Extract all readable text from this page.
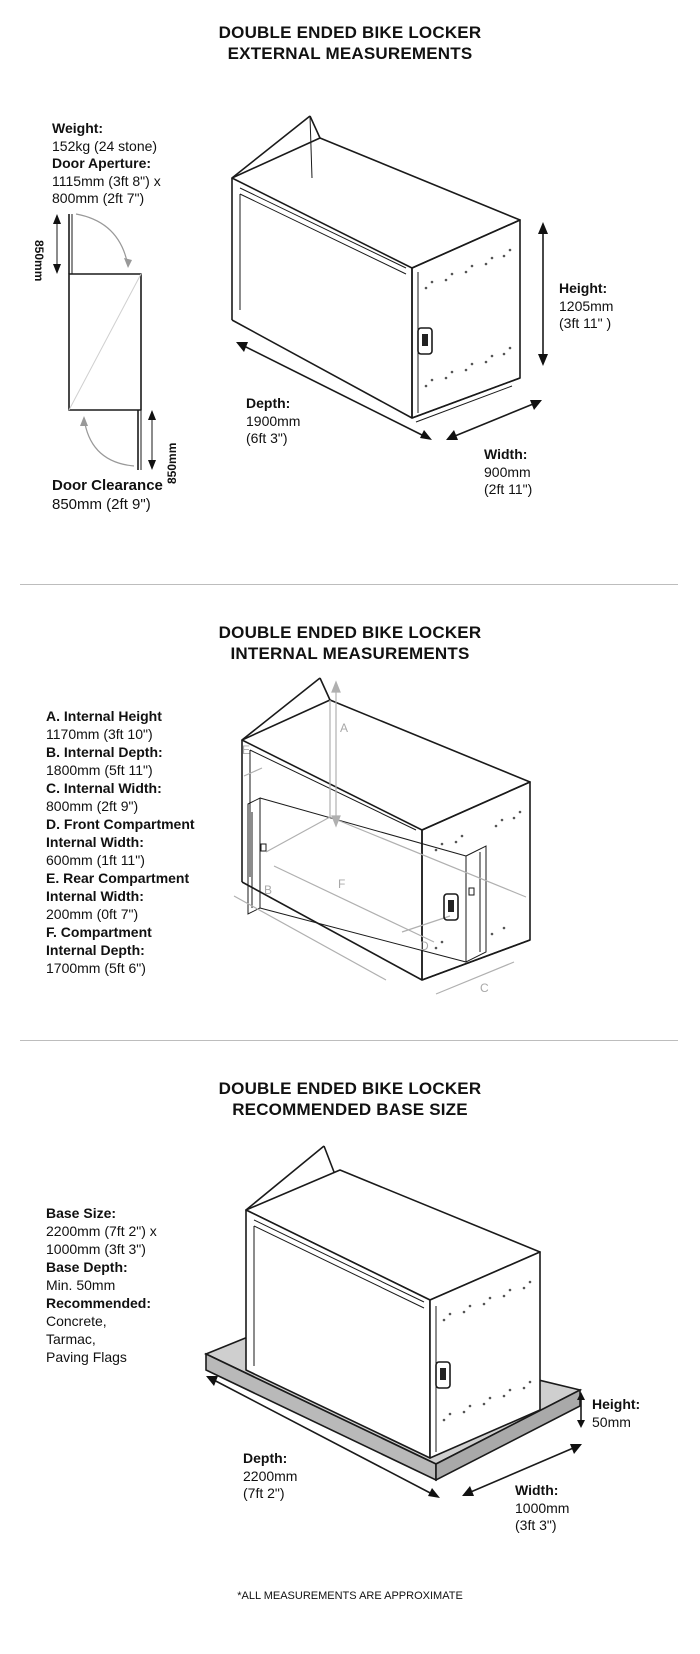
DOUBLE ENDED BIKE LOCKER
EXTERNAL MEASUREMENTS
Weight:
152kg (24 stone)
Door Aperture:
1115mm (3ft 8") x
800mm (2ft 7")
850mm
850mm
Door Clearance
850mm (2ft 9")
Height:
1205mm
(3ft 11" )
Depth:
1900mm
(6ft 3")
Width:
900mm
(2ft 11")
DOUBLE ENDED BIKE LOCKER
INTERNAL MEASUREMENTS
A. Internal Height
1170mm (3ft 10")
B. Internal Depth:
1800mm (5ft 11")
C. Internal Width:
800mm (2ft 9")
D. Front Compartment
Internal Width:
600mm (1ft 11")
E. Rear Compartment
Internal Width:
200mm (0ft 7")
F. Compartment
Internal Depth:
1700mm (5ft 6")
A
B
C
D
E
F
DOUBLE ENDED BIKE LOCKER
RECOMMENDED BASE SIZE
Base Size:
2200mm (7ft 2") x
1000mm (3ft 3")
Base Depth:
Min. 50mm
Recommended:
Concrete,
Tarmac,
Paving Flags
Height:
50mm
Depth:
2200mm
(7ft 2")	Width:
1000mm
(3ft 3")
*ALL MEASUREMENTS ARE APPROXIMATE
